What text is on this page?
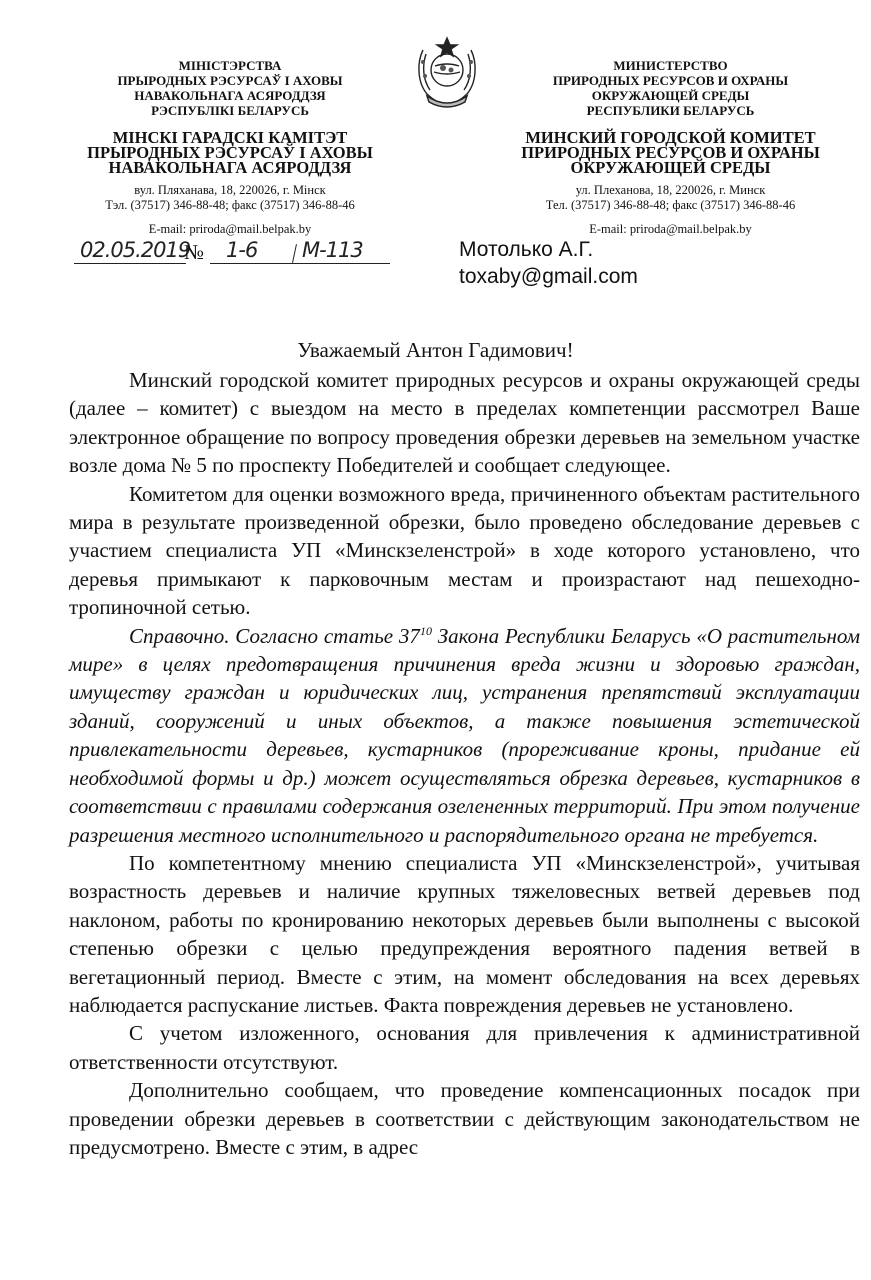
МІНІСТЭРСТВА
ПРЫРОДНЫХ РЭСУРСАЎ І АХОВЫ
НАВАКОЛЬНАГА АСЯРОДДЗЯ
РЭСПУБЛІКІ БЕЛАРУСЬ
МІНСКІ ГАРАДСКІ КАМІТЭТ
ПРЫРОДНЫХ РЭСУРСАЎ І АХОВЫ
НАВАКОЛЬНАГА АСЯРОДДЗЯ
вул. Пляханава, 18, 220026, г. Мінск
Тэл. (37517) 346-88-48; факс (37517) 346-88-46
E-mail: priroda@mail.belpak.by
МИНИСТЕРСТВО
ПРИРОДНЫХ РЕСУРСОВ И ОХРАНЫ
ОКРУЖАЮЩЕЙ СРЕДЫ
РЕСПУБЛИКИ БЕЛАРУСЬ
МИНСКИЙ ГОРОДСКОЙ КОМИТЕТ
ПРИРОДНЫХ РЕСУРСОВ И ОХРАНЫ
ОКРУЖАЮЩЕЙ СРЕДЫ
ул. Плеханова, 18, 220026, г. Минск
Тел. (37517) 346-88-48; факс (37517) 346-88-46
E-mail: priroda@mail.belpak.by
02.05.2019
№ 1-6 М-113	Мотолько А.Г.
toxaby@gmail.com
Уважаемый Антон Гадимович!

Минский городской комитет природных ресурсов и охраны окружающей среды (далее – комитет) с выездом на место в пределах компетенции рассмотрел Ваше электронное обращение по вопросу проведения обрезки деревьев на земельном участке возле дома № 5 по проспекту Победителей и сообщает следующее.

Комитетом для оценки возможного вреда, причиненного объектам растительного мира в результате произведенной обрезки, было проведено обследование деревьев с участием специалиста УП «Минскзеленстрой» в ходе которого установлено, что деревья примыкают к парковочным местам и произрастают над пешеходно-тропиночной сетью.

Справочно. Согласно статье $37^{10}$ Закона Республики Беларусь «О растительном мире» в целях предотвращения причинения вреда жизни и здоровью граждан, имуществу граждан и юридических лиц, устранения препятствий эксплуатации зданий, сооружений и иных объектов, а также повышения эстетической привлекательности деревьев, кустарников (прореживание кроны, придание ей необходимой формы и др.) может осуществляться обрезка деревьев, кустарников в соответствии с правилами содержания озелененных территорий. При этом получение разрешения местного исполнительного и распорядительного органа не требуется.

По компетентному мнению специалиста УП «Минскзеленстрой», учитывая возрастность деревьев и наличие крупных тяжеловесных ветвей деревьев под наклоном, работы по кронированию некоторых деревьев были выполнены с высокой степенью обрезки с целью предупреждения вероятного падения ветвей в вегетационный период. Вместе с этим, на момент обследования на всех деревьях наблюдается распускание листьев. Факта повреждения деревьев не установлено.

С учетом изложенного, основания для привлечения к административной ответственности отсутствуют.

Дополнительно сообщаем, что проведение компенсационных посадок при проведении обрезки деревьев в соответствии с действующим законодательством не предусмотрено. Вместе с этим, в адрес
